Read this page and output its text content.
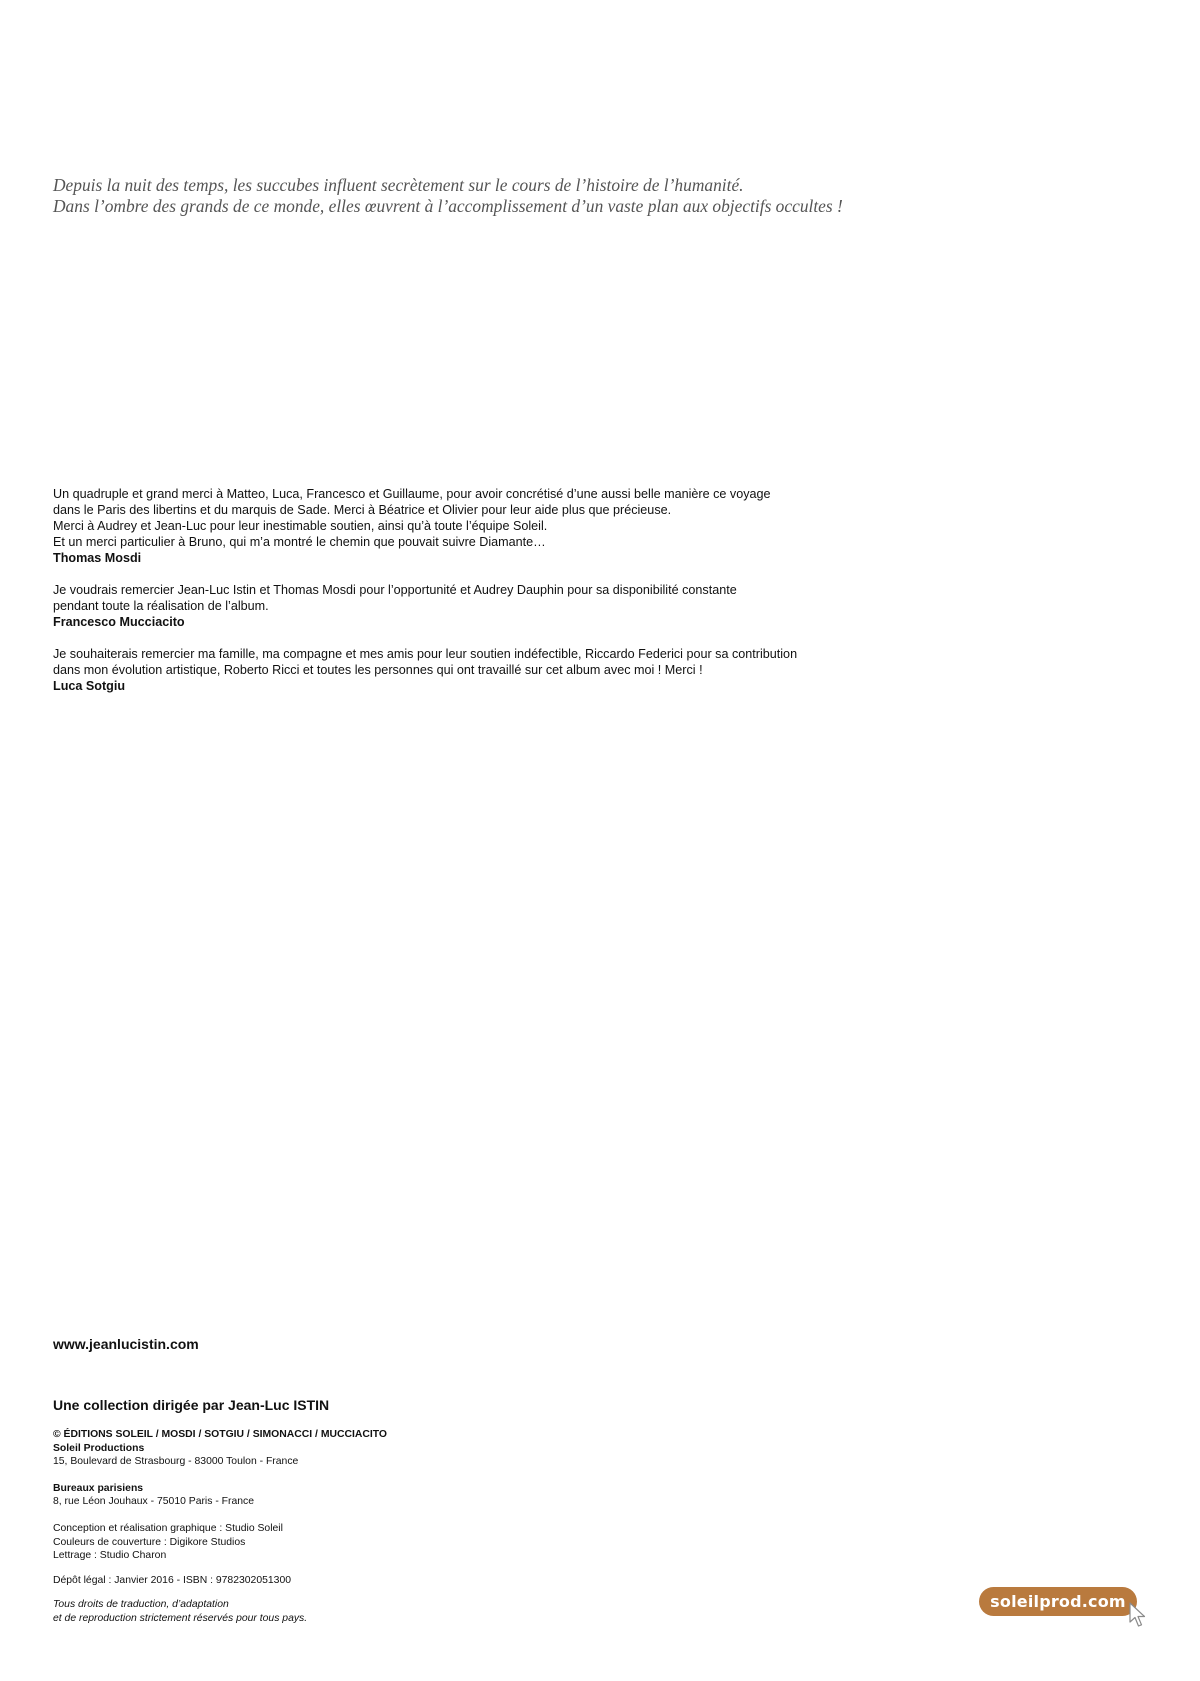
Depuis la nuit des temps, les succubes influent secrètement sur le cours de l’histoire de l’humanité.
Dans l’ombre des grands de ce monde, elles œuvrent à l’accomplissement d’un vaste plan aux objectifs occultes !
Un quadruple et grand merci à Matteo, Luca, Francesco et Guillaume, pour avoir concrétisé d’une aussi belle manière ce voyage
dans le Paris des libertins et du marquis de Sade. Merci à Béatrice et Olivier pour leur aide plus que précieuse.
Merci à Audrey et Jean-Luc pour leur inestimable soutien, ainsi qu’à toute l’équipe Soleil.
Et un merci particulier à Bruno, qui m’a montré le chemin que pouvait suivre Diamante…
Thomas Mosdi
Je voudrais remercier Jean-Luc Istin et Thomas Mosdi pour l’opportunité et Audrey Dauphin pour sa disponibilité constante
pendant toute la réalisation de l’album.
Francesco Mucciacito
Je souhaiterais remercier ma famille, ma compagne et mes amis pour leur soutien indéfectible, Riccardo Federici pour sa contribution
dans mon évolution artistique, Roberto Ricci et toutes les personnes qui ont travaillé sur cet album avec moi ! Merci !
Luca Sotgiu
www.jeanlucistin.com
Une collection dirigée par Jean-Luc ISTIN
© ÉDITIONS SOLEIL / MOSDI / SOTGIU / SIMONACCI / MUCCIACITO
Soleil Productions
15, Boulevard de Strasbourg - 83000 Toulon - France
Bureaux parisiens
8, rue Léon Jouhaux - 75010 Paris - France
Conception et réalisation graphique : Studio Soleil
Couleurs de couverture : Digikore Studios
Lettrage : Studio Charon
Dépôt légal : Janvier 2016 - ISBN : 9782302051300
Tous droits de traduction, d’adaptation
et de reproduction strictement réservés pour tous pays.
soleilprod.com
